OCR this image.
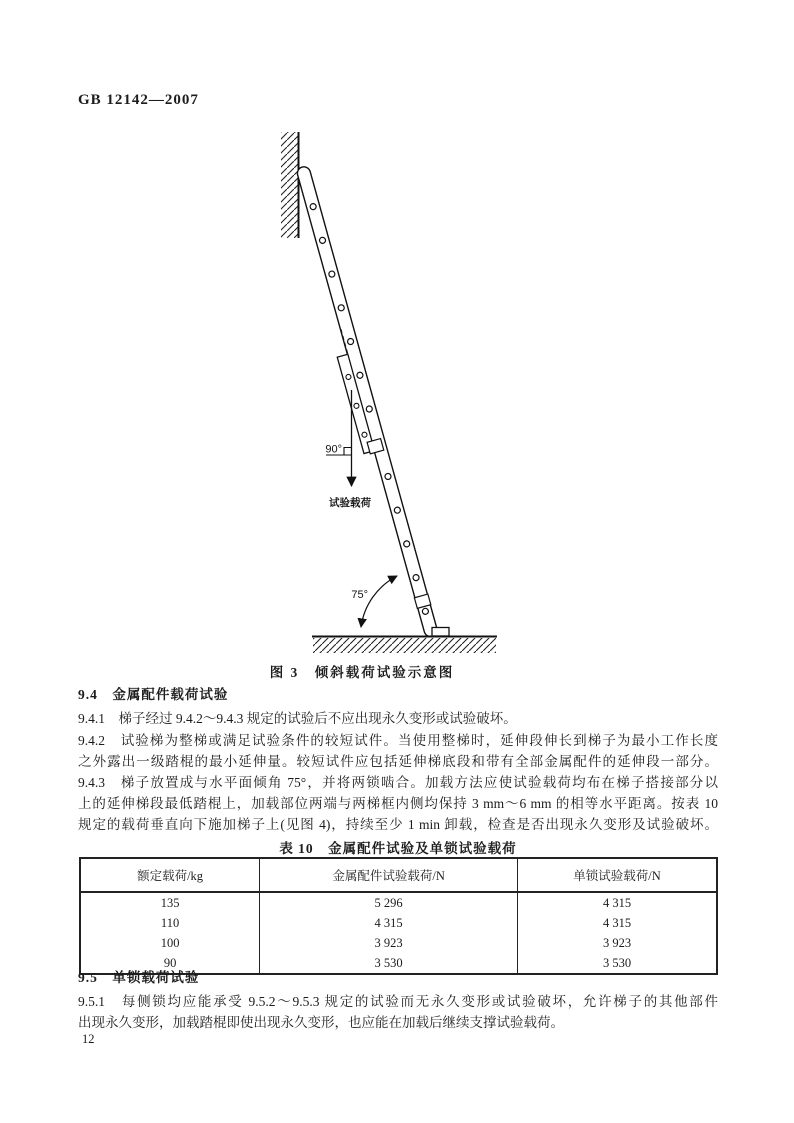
GB 12142—2007
90°
试验载荷
75°
图 3　倾斜载荷试验示意图
9.4　金属配件载荷试验
9.4.1　梯子经过 9.4.2～9.4.3 规定的试验后不应出现永久变形或试验破坏。
9.4.2　试验梯为整梯或满足试验条件的较短试件。当使用整梯时，延伸段伸长到梯子为最小工作长度
之外露出一级踏棍的最小延伸量。较短试件应包括延伸梯底段和带有全部金属配件的延伸段一部分。
9.4.3　梯子放置成与水平面倾角 75°，并将两锁啮合。加载方法应使试验载荷均布在梯子搭接部分以
上的延伸梯段最低踏棍上，加载部位两端与两梯框内侧均保持 3 mm～6 mm 的相等水平距离。按表 10
规定的载荷垂直向下施加梯子上(见图 4)，持续至少 1 min 卸载，检查是否出现永久变形及试验破坏。
表 10　金属配件试验及单锁试验载荷
额定载荷/kg	金属配件试验载荷/N	单锁试验载荷/N
135	5 296	4 315
110	4 315	4 315
100	3 923	3 923
90	3 530	3 530
9.5　单锁载荷试验
9.5.1　每侧锁均应能承受 9.5.2～9.5.3 规定的试验而无永久变形或试验破坏，允许梯子的其他部件
出现永久变形，加载踏棍即使出现永久变形，也应能在加载后继续支撑试验载荷。
12
